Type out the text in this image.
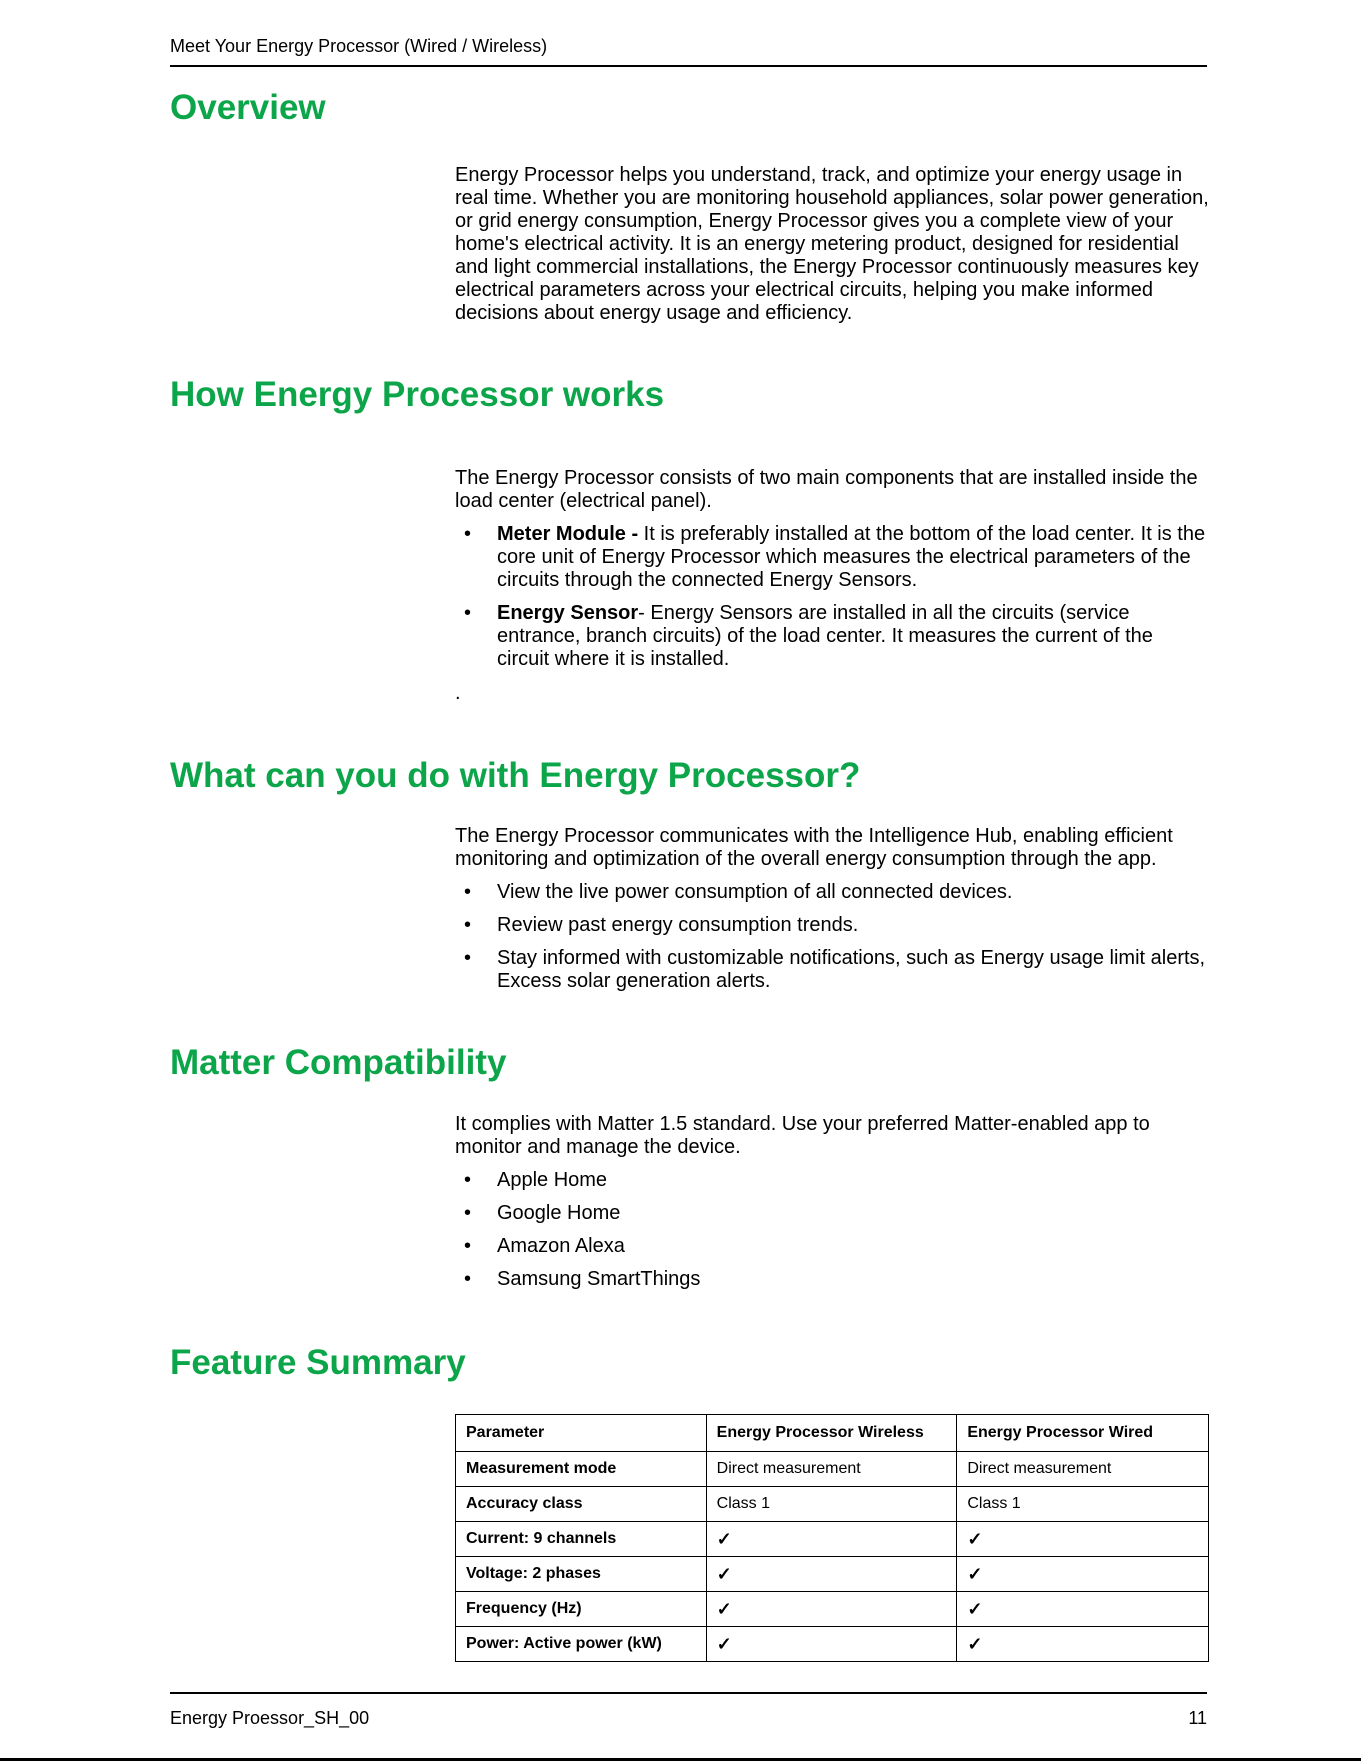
Meet Your Energy Processor (Wired / Wireless)
Overview

Energy Processor helps you understand, track, and optimize your energy usage in real time. Whether you are monitoring household appliances, solar power generation, or grid energy consumption, Energy Processor gives you a complete view of your home's electrical activity. It is an energy metering product, designed for residential and light commercial installations, the Energy Processor continuously measures key electrical parameters across your electrical circuits, helping you make informed decisions about energy usage and efficiency.

How Energy Processor works

The Energy Processor consists of two main components that are installed inside the load center (electrical panel).

• Meter Module - It is preferably installed at the bottom of the load center. It is the core unit of Energy Processor which measures the electrical parameters of the circuits through the connected Energy Sensors.
• Energy Sensor- Energy Sensors are installed in all the circuits (service entrance, branch circuits) of the load center. It measures the current of the circuit where it is installed.
.
What can you do with Energy Processor?

The Energy Processor communicates with the Intelligence Hub, enabling efficient monitoring and optimization of the overall energy consumption through the app.

• View the live power consumption of all connected devices.
• Review past energy consumption trends.
• Stay informed with customizable notifications, such as Energy usage limit alerts, Excess solar generation alerts.
Matter Compatibility

It complies with Matter 1.5 standard. Use your preferred Matter-enabled app to monitor and manage the device.

• Apple Home
• Google Home
• Amazon Alexa
• Samsung SmartThings
Feature Summary
Parameter	Energy Processor Wireless	Energy Processor Wired
Measurement mode	Direct measurement	Direct measurement
Accuracy class	Class 1	Class 1
Current: 9 channels	✓	✓
Voltage: 2 phases	✓	✓
Frequency (Hz)	✓	✓
Power: Active power (kW)	✓	✓
Energy Proessor_SH_00	11
